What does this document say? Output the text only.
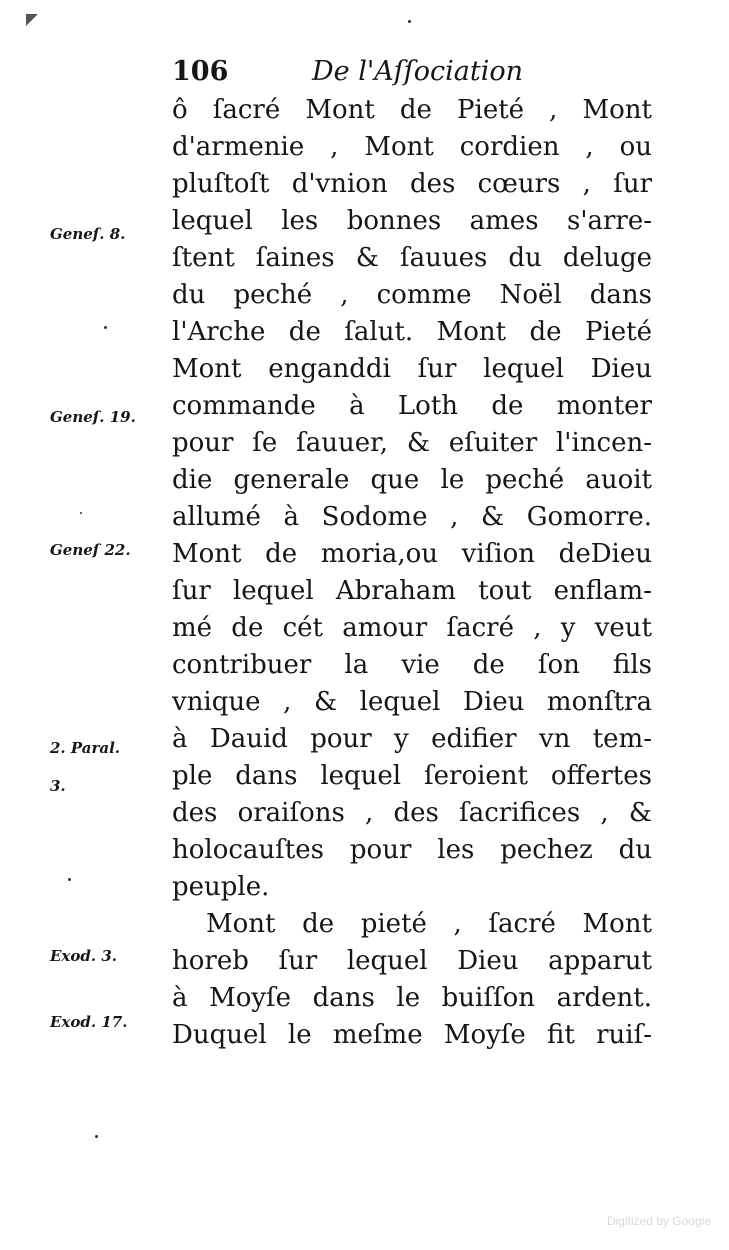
106	De l'Aſſociation
ô ſacré Mont de Pieté , Mont
d'armenie , Mont cordien , ou
pluſtoſt d'vnion des cœurs , ſur
lequel les bonnes ames s'arre-
ſtent ſaines & ſauues du deluge
du peché , comme Noël dans
l'Arche de ſalut. Mont de Pieté
Mont enganddi ſur lequel Dieu
commande à Loth de monter
pour ſe ſauuer, & eſuiter l'incen-
die generale que le peché auoit
allumé à Sodome , & Gomorre.
Mont de moria,ou viſion deDieu
ſur lequel Abraham tout enflam-
mé de cét amour ſacré , y veut
contribuer la vie de ſon fils
vnique , & lequel Dieu monſtra
à Dauid pour y edifier vn tem-
ple dans lequel ſeroient offertes
des oraiſons , des ſacrifices , &
holocauſtes pour les pechez du
peuple.
Mont de pieté , ſacré Mont
horeb ſur lequel Dieu apparut
à Moyſe dans le buiſſon ardent.
Duquel le meſme Moyſe fit ruiſ-
Geneſ. 8.
Geneſ. 19.
Geneſ 22.
2. Paral.
3.
Exod. 3.
Exod. 17.
Digitized by Google
